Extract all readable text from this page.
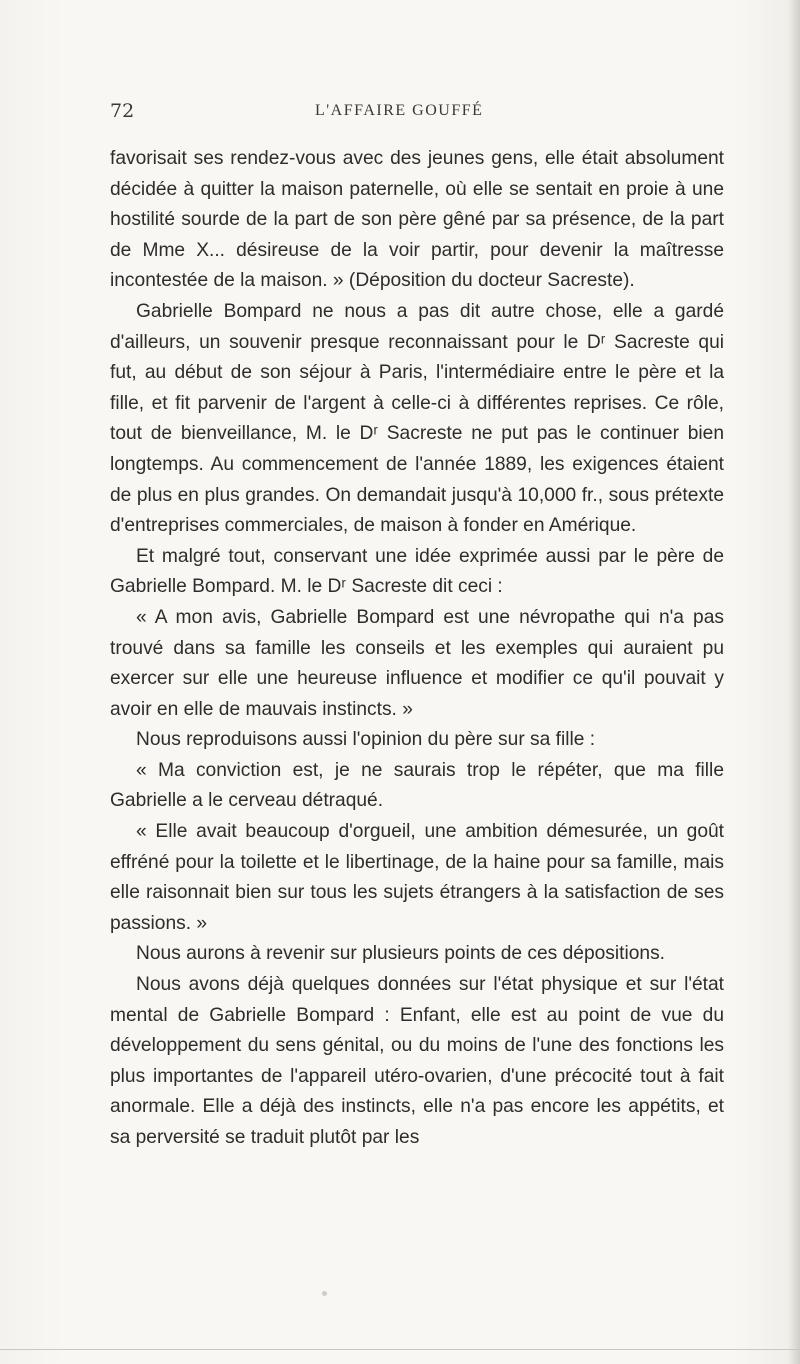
72	L'AFFAIRE GOUFFÉ

favorisait ses rendez-vous avec des jeunes gens, elle était absolument décidée à quitter la maison paternelle, où elle se sentait en proie à une hostilité sourde de la part de son père gêné par sa présence, de la part de Mme X... désireuse de la voir partir, pour devenir la maîtresse incontestée de la maison. » (Déposition du docteur Sacreste).

Gabrielle Bompard ne nous a pas dit autre chose, elle a gardé d'ailleurs, un souvenir presque reconnaissant pour le Dʳ Sacreste qui fut, au début de son séjour à Paris, l'intermédiaire entre le père et la fille, et fit parvenir de l'argent à celle-ci à différentes reprises. Ce rôle, tout de bienveillance, M. le Dʳ Sacreste ne put pas le continuer bien longtemps. Au commencement de l'année 1889, les exigences étaient de plus en plus grandes. On demandait jusqu'à 10,000 fr., sous prétexte d'entreprises commerciales, de maison à fonder en Amérique.

Et malgré tout, conservant une idée exprimée aussi par le père de Gabrielle Bompard. M. le Dʳ Sacreste dit ceci :

« A mon avis, Gabrielle Bompard est une névropathe qui n'a pas trouvé dans sa famille les conseils et les exemples qui auraient pu exercer sur elle une heureuse influence et modifier ce qu'il pouvait y avoir en elle de mauvais instincts. »

Nous reproduisons aussi l'opinion du père sur sa fille :

« Ma conviction est, je ne saurais trop le répéter, que ma fille Gabrielle a le cerveau détraqué.

« Elle avait beaucoup d'orgueil, une ambition démesurée, un goût effréné pour la toilette et le libertinage, de la haine pour sa famille, mais elle raisonnait bien sur tous les sujets étrangers à la satisfaction de ses passions. »

Nous aurons à revenir sur plusieurs points de ces dépositions.

Nous avons déjà quelques données sur l'état physique et sur l'état mental de Gabrielle Bompard : Enfant, elle est au point de vue du développement du sens génital, ou du moins de l'une des fonctions les plus importantes de l'appareil utéro-ovarien, d'une précocité tout à fait anormale. Elle a déjà des instincts, elle n'a pas encore les appétits, et sa perversité se traduit plutôt par les
